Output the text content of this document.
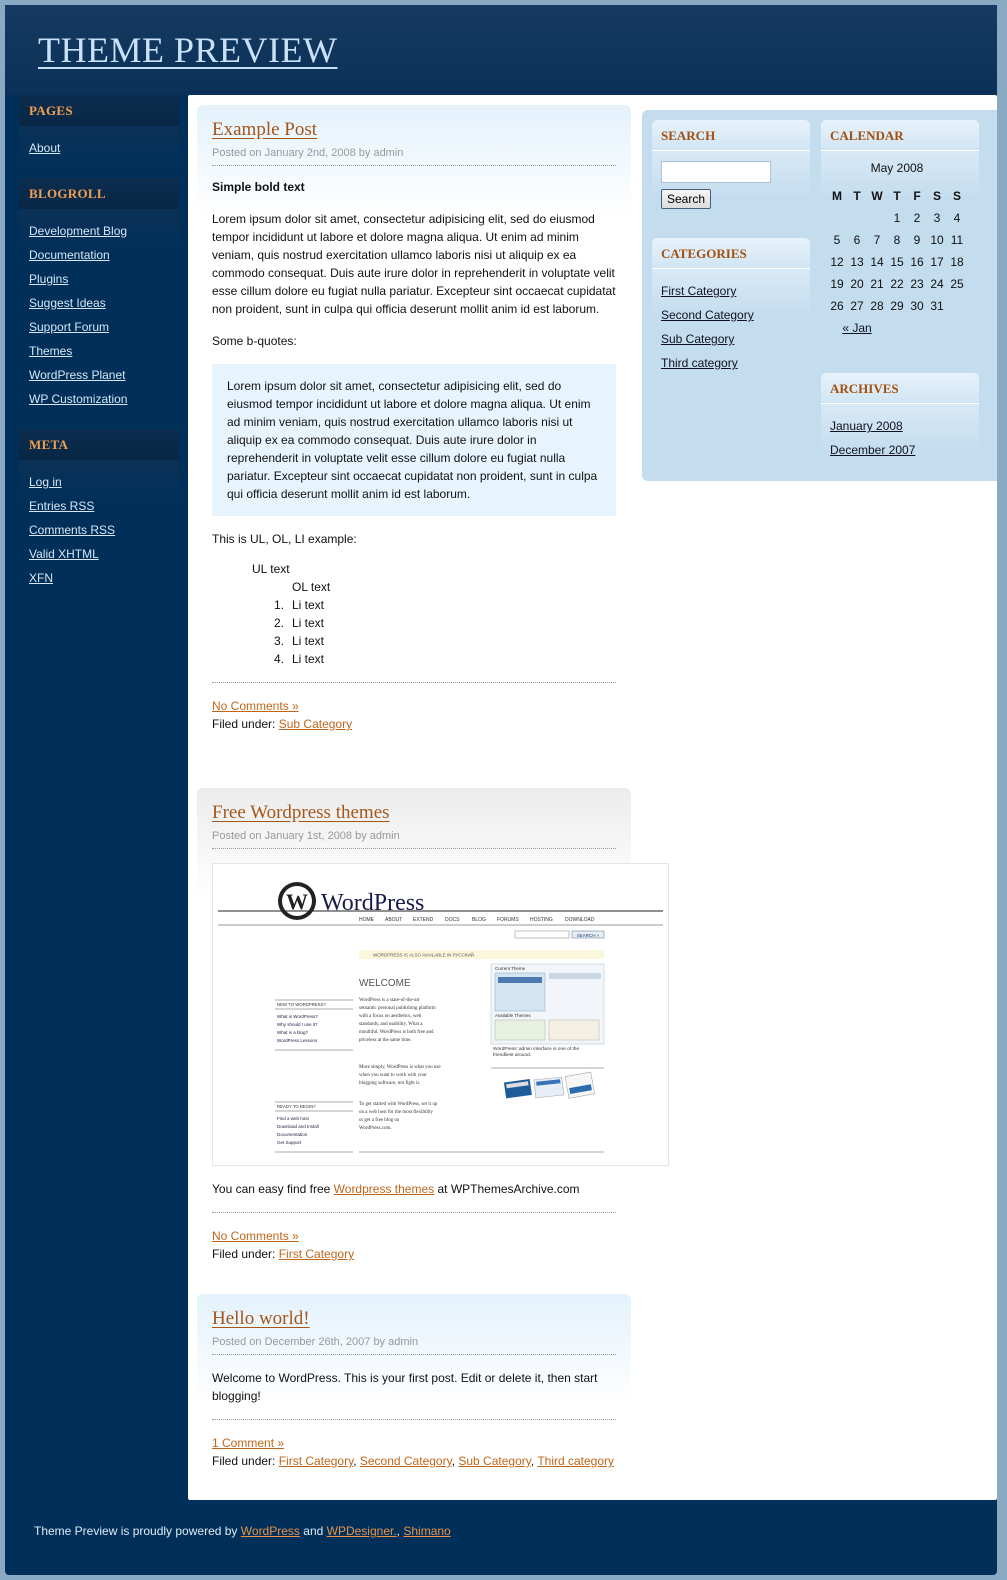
THEME PREVIEW
PAGES
About
BLOGROLL
Development Blog
Documentation
Plugins
Suggest Ideas
Support Forum
Themes
WordPress Planet
WP Customization
META
Log in
Entries RSS
Comments RSS
Valid XHTML
XFN
Example Post
Posted on January 2nd, 2008 by admin

Simple bold text

Lorem ipsum dolor sit amet, consectetur adipisicing elit, sed do eiusmod tempor incididunt ut labore et dolore magna aliqua. Ut enim ad minim veniam, quis nostrud exercitation ullamco laboris nisi ut aliquip ex ea commodo consequat. Duis aute irure dolor in reprehenderit in voluptate velit esse cillum dolore eu fugiat nulla pariatur. Excepteur sint occaecat cupidatat non proident, sunt in culpa qui officia deserunt mollit anim id est laborum.

Some b-quotes:

Lorem ipsum dolor sit amet, consectetur adipisicing elit, sed do eiusmod tempor incididunt ut labore et dolore magna aliqua. Ut enim ad minim veniam, quis nostrud exercitation ullamco laboris nisi ut aliquip ex ea commodo consequat. Duis aute irure dolor in reprehenderit in voluptate velit esse cillum dolore eu fugiat nulla pariatur. Excepteur sint occaecat cupidatat non proident, sunt in culpa qui officia deserunt mollit anim id est laborum.

This is UL, OL, LI example:

UL text
OL text
1. Li text
2. Li text
3. Li text
4. Li text
No Comments »
Filed under: Sub Category
Free Wordpress themes
Posted on January 1st, 2008 by admin
W WordPress
HOME ABOUT EXTEND DOCS	BLOG FORUMS HOSTING DOWNLOAD
SEARCH »
WORDPRESS IS ALSO AVAILABLE IN РУССКИЙ.
WELCOME
WordPress is a state-of-the-art
semantic personal publishing platform
with a focus on aesthetics, web
standards, and usability. What a
mouthful. WordPress is both free and
priceless at the same time.
More simply, WordPress is what you use
when you want to work with your
blogging software, not fight it.
To get started with WordPress, set it up
on a web host for the most flexibility
or get a free blog on
WordPress.com.
NEW TO WORDPRESS?
What is WordPress?
Why should I use it?
What is a blog?
WordPress Lessons
READY TO BEGIN?
Find a web host
Download and Install
Documentation
Get Support
Current Theme
Available Themes
WordPress' admin interface is one of the
friendliest around.

You can easy find free Wordpress themes at WPThemesArchive.com

No Comments »
Filed under: First Category
Hello world!
Posted on December 26th, 2007 by admin

Welcome to WordPress. This is your first post. Edit or delete it, then start blogging!

1 Comment »
Filed under: First Category, Second Category, Sub Category, Third category
SEARCH

Search
CATEGORIES
First Category
Second Category
Sub Category
Third category
CALENDAR
May 2008
M	T	W	T	F	S	S
			1	2	3	4
5	6	7	8	9	10	11
12	13	14	15	16	17	18
19	20	21	22	23	24	25
26	27	28	29	30	31	
« Jan						
ARCHIVES
January 2008
December 2007
Theme Preview is proudly powered by WordPress and WPDesigner., Shimano
